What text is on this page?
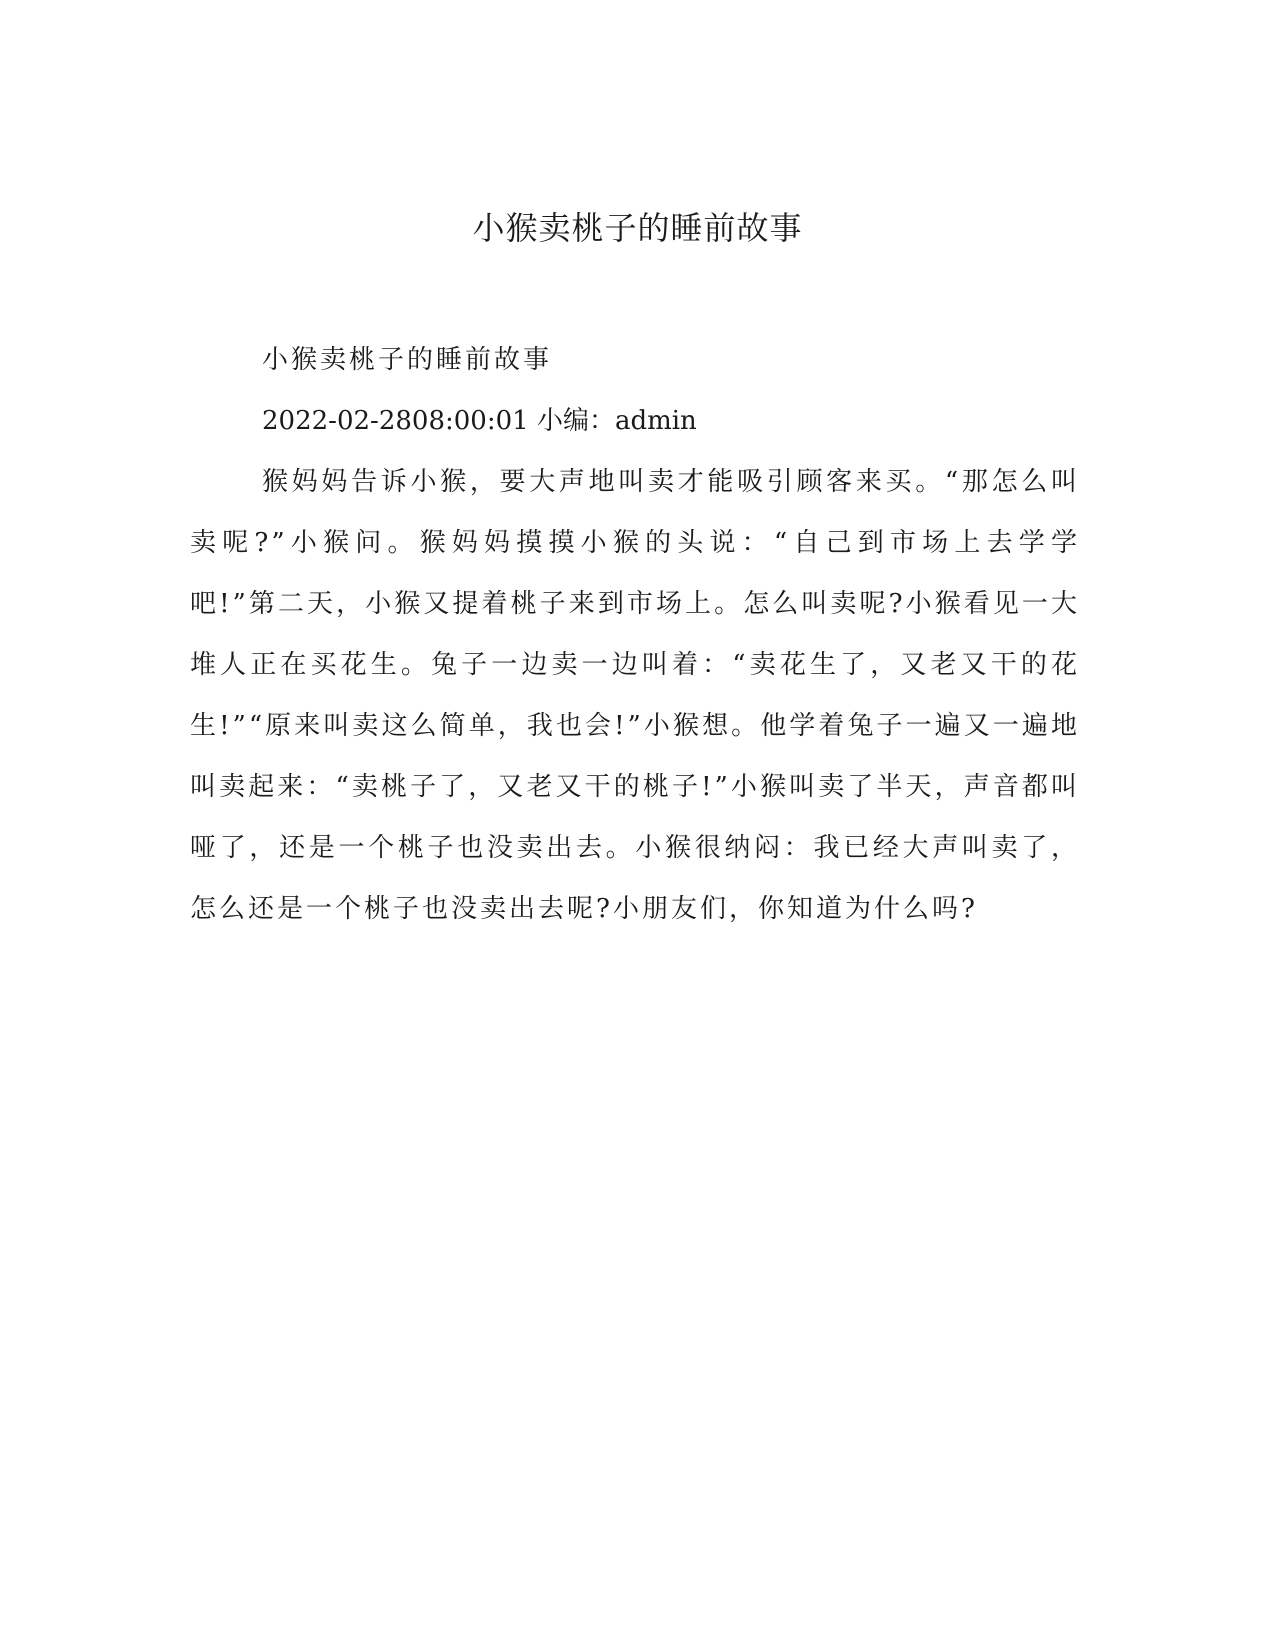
小猴卖桃子的睡前故事

小猴卖桃子的睡前故事

2022-02-2808:00:01 小编：admin

猴妈妈告诉小猴，要大声地叫卖才能吸引顾客来买。“那怎么叫卖呢?”小猴问。猴妈妈摸摸小猴的头说：“自己到市场上去学学吧!”第二天，小猴又提着桃子来到市场上。怎么叫卖呢?小猴看见一大堆人正在买花生。兔子一边卖一边叫着：“卖花生了，又老又干的花生!”“原来叫卖这么简单，我也会!”小猴想。他学着兔子一遍又一遍地叫卖起来：“卖桃子了，又老又干的桃子!”小猴叫卖了半天，声音都叫哑了，还是一个桃子也没卖出去。小猴很纳闷：我已经大声叫卖了，怎么还是一个桃子也没卖出去呢?小朋友们，你知道为什么吗?
